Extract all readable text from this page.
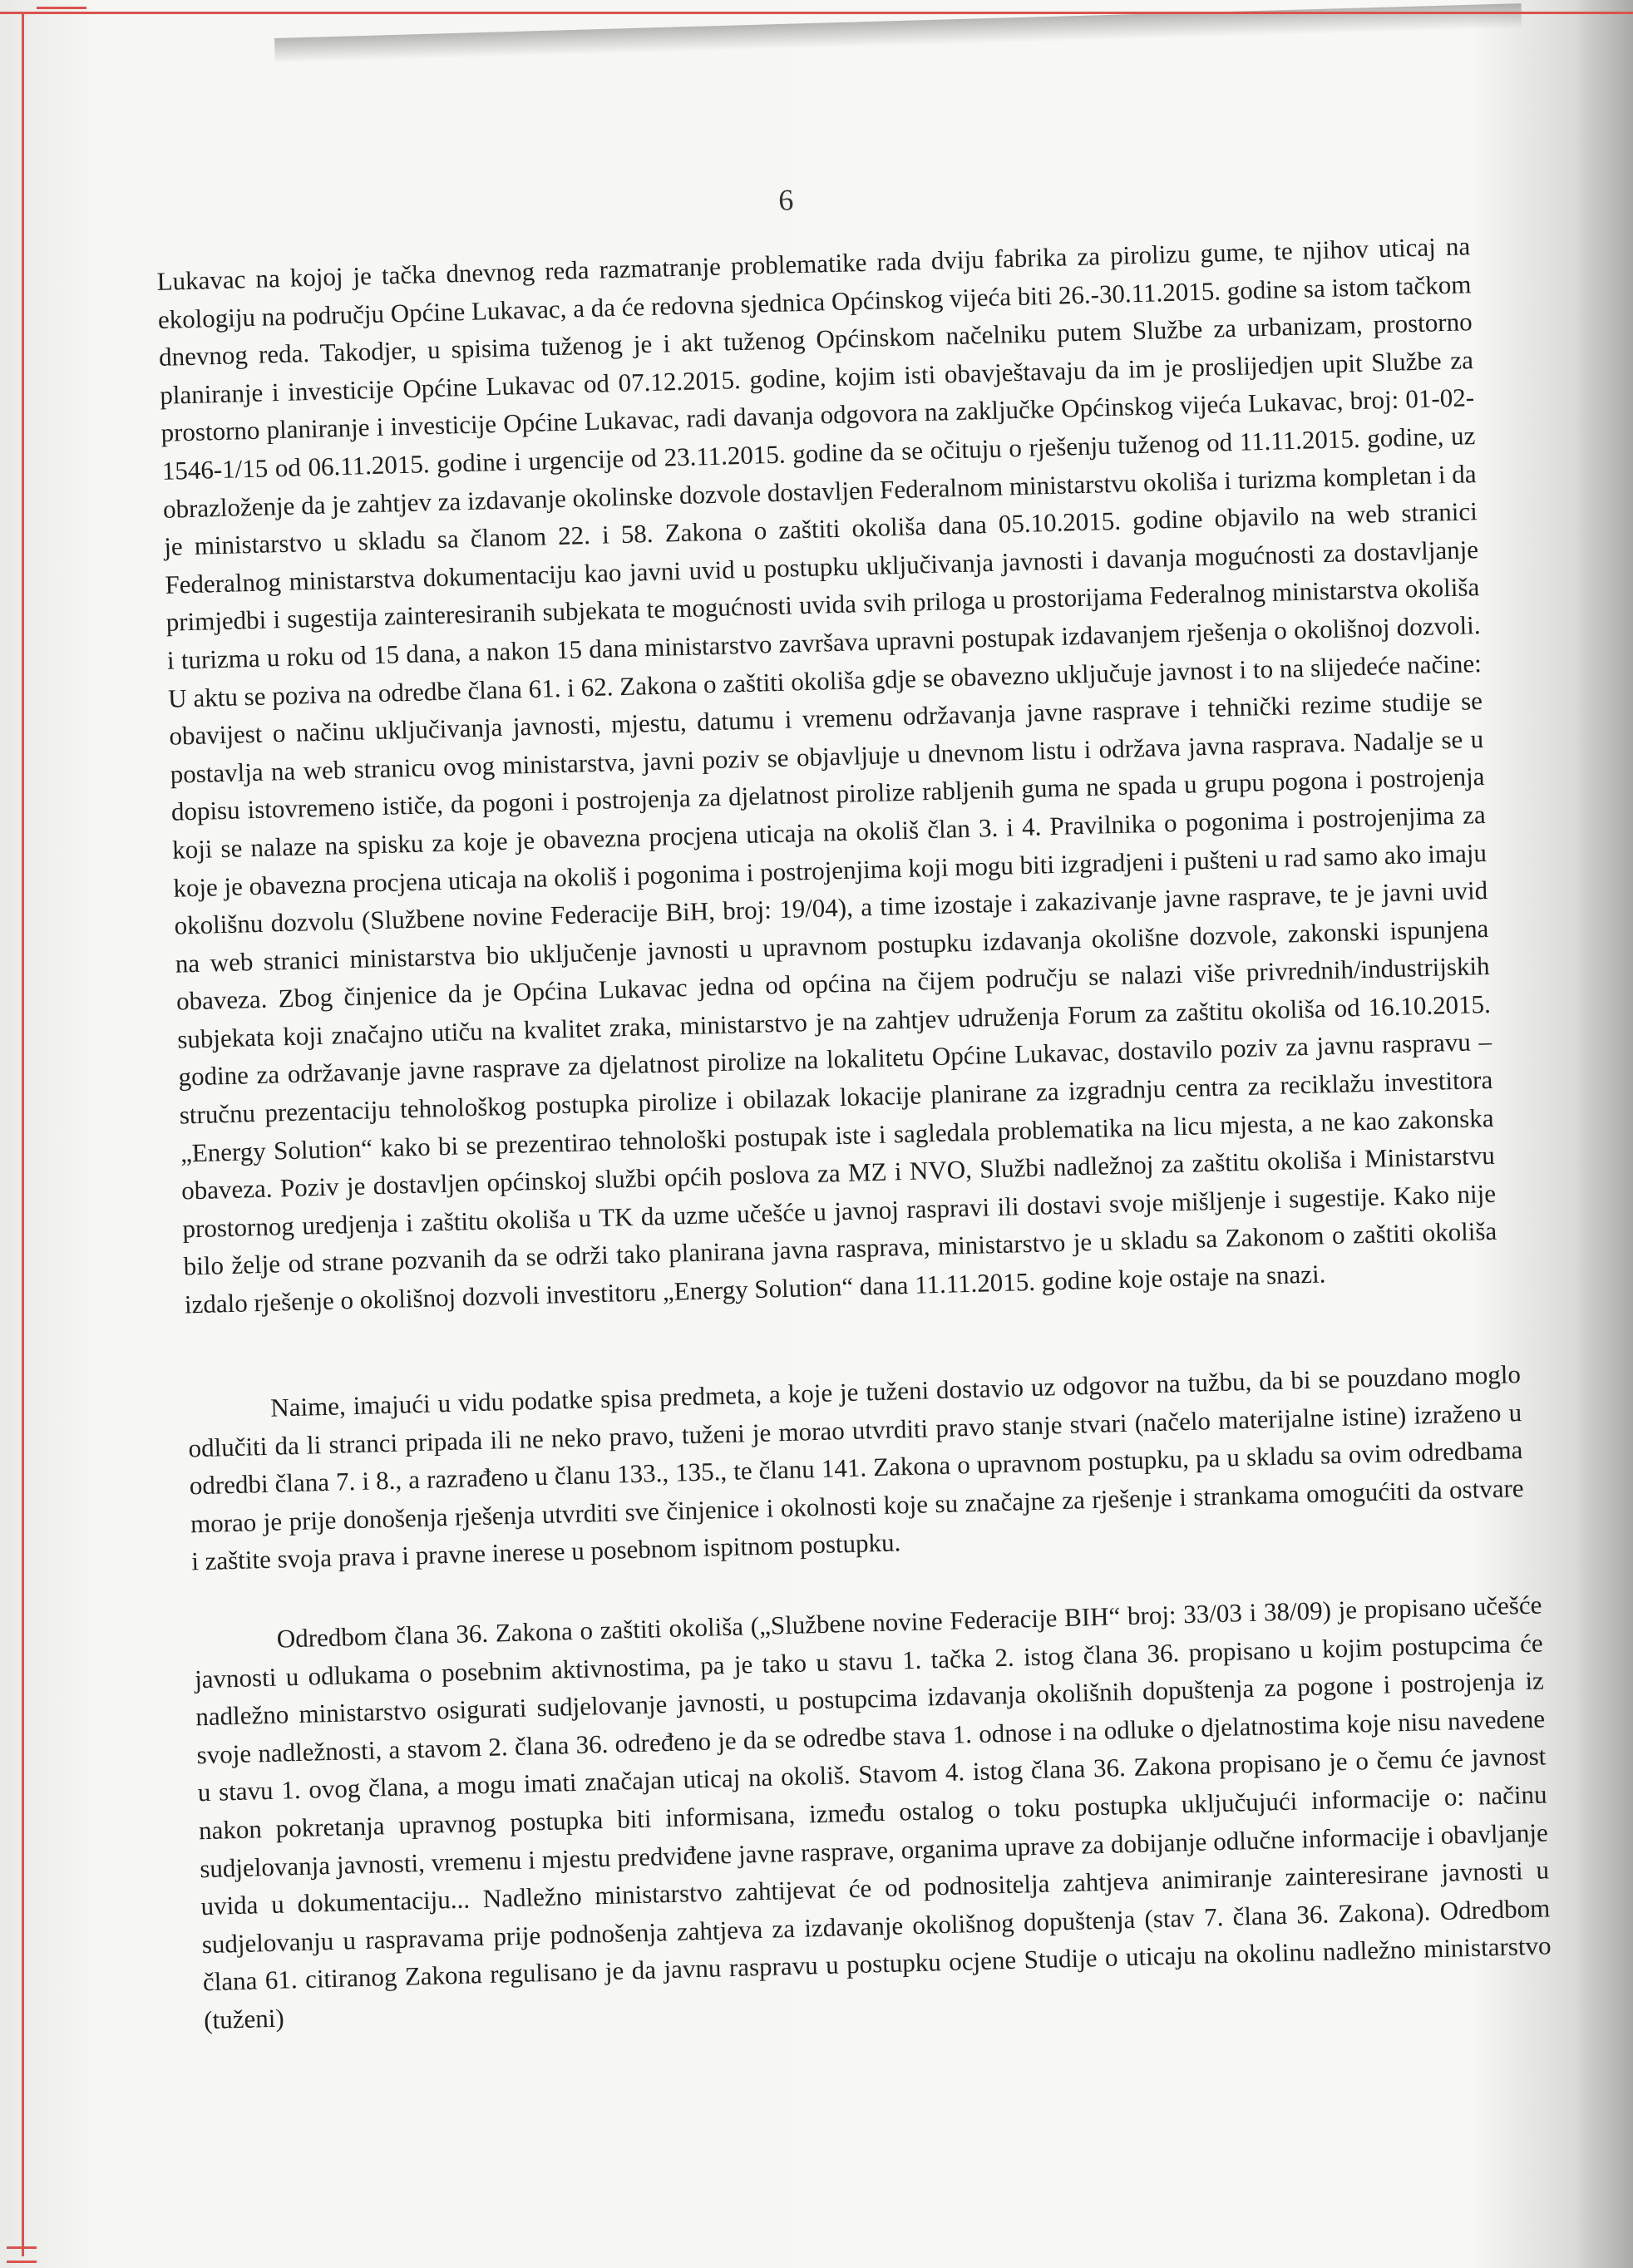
6

Lukavac na kojoj je tačka dnevnog reda razmatranje problematike rada dviju fabrika za pirolizu gume, te njihov uticaj na ekologiju na području Općine Lukavac, a da će redovna sjednica Općinskog vijeća biti 26.-30.11.2015. godine sa istom tačkom dnevnog reda. Takodjer, u spisima tuženog je i akt tuženog Općinskom načelniku putem Službe za urbanizam, prostorno planiranje i investicije Općine Lukavac od 07.12.2015. godine, kojim isti obavještavaju da im je proslijedjen upit Službe za prostorno planiranje i investicije Općine Lukavac, radi davanja odgovora na zaključke Općinskog vijeća Lukavac, broj: 01-02-1546-1/15 od 06.11.2015. godine i urgencije od 23.11.2015. godine da se očituju o rješenju tuženog od 11.11.2015. godine, uz obrazloženje da je zahtjev za izdavanje okolinske dozvole dostavljen Federalnom ministarstvu okoliša i turizma kompletan i da je ministarstvo u skladu sa članom 22. i 58. Zakona o zaštiti okoliša dana 05.10.2015. godine objavilo na web stranici Federalnog ministarstva dokumentaciju kao javni uvid u postupku uključivanja javnosti i davanja mogućnosti za dostavljanje primjedbi i sugestija zainteresiranih subjekata te mogućnosti uvida svih priloga u prostorijama Federalnog ministarstva okoliša i turizma u roku od 15 dana, a nakon 15 dana ministarstvo završava upravni postupak izdavanjem rješenja o okolišnoj dozvoli. U aktu se poziva na odredbe člana 61. i 62. Zakona o zaštiti okoliša gdje se obavezno uključuje javnost i to na slijedeće načine: obavijest o načinu uključivanja javnosti, mjestu, datumu i vremenu održavanja javne rasprave i tehnički rezime studije se postavlja na web stranicu ovog ministarstva, javni poziv se objavljuje u dnevnom listu i održava javna rasprava. Nadalje se u dopisu istovremeno ističe, da pogoni i postrojenja za djelatnost pirolize rabljenih guma ne spada u grupu pogona i postrojenja koji se nalaze na spisku za koje je obavezna procjena uticaja na okoliš član 3. i 4. Pravilnika o pogonima i postrojenjima za koje je obavezna procjena uticaja na okoliš i pogonima i postrojenjima koji mogu biti izgradjeni i pušteni u rad samo ako imaju okolišnu dozvolu (Službene novine Federacije BiH, broj: 19/04), a time izostaje i zakazivanje javne rasprave, te je javni uvid na web stranici ministarstva bio uključenje javnosti u upravnom postupku izdavanja okolišne dozvole, zakonski ispunjena obaveza. Zbog činjenice da je Općina Lukavac jedna od općina na čijem području se nalazi više privrednih/industrijskih subjekata koji značajno utiču na kvalitet zraka, ministarstvo je na zahtjev udruženja Forum za zaštitu okoliša od 16.10.2015. godine za održavanje javne rasprave za djelatnost pirolize na lokalitetu Općine Lukavac, dostavilo poziv za javnu raspravu – stručnu prezentaciju tehnološkog postupka pirolize i obilazak lokacije planirane za izgradnju centra za reciklažu investitora „Energy Solution“ kako bi se prezentirao tehnološki postupak iste i sagledala problematika na licu mjesta, a ne kao zakonska obaveza. Poziv je dostavljen općinskoj službi općih poslova za MZ i NVO, Službi nadležnoj za zaštitu okoliša i Ministarstvu prostornog uredjenja i zaštitu okoliša u TK da uzme učešće u javnoj raspravi ili dostavi svoje mišljenje i sugestije. Kako nije bilo želje od strane pozvanih da se održi tako planirana javna rasprava, ministarstvo je u skladu sa Zakonom o zaštiti okoliša izdalo rješenje o okolišnoj dozvoli investitoru „Energy Solution“ dana 11.11.2015. godine koje ostaje na snazi.

Naime, imajući u vidu podatke spisa predmeta, a koje je tuženi dostavio uz odgovor na tužbu, da bi se pouzdano moglo odlučiti da li stranci pripada ili ne neko pravo, tuženi je morao utvrditi pravo stanje stvari (načelo materijalne istine) izraženo u odredbi člana 7. i 8., a razrađeno u članu 133., 135., te članu 141. Zakona o upravnom postupku, pa u skladu sa ovim odredbama morao je prije donošenja rješenja utvrditi sve činjenice i okolnosti koje su značajne za rješenje i strankama omogućiti da ostvare i zaštite svoja prava i pravne inerese u posebnom ispitnom postupku.

Odredbom člana 36. Zakona o zaštiti okoliša („Službene novine Federacije BIH“ broj: 33/03 i 38/09) je propisano učešće javnosti u odlukama o posebnim aktivnostima, pa je tako u stavu 1. tačka 2. istog člana 36. propisano u kojim postupcima će nadležno ministarstvo osigurati sudjelovanje javnosti, u postupcima izdavanja okolišnih dopuštenja za pogone i postrojenja iz svoje nadležnosti, a stavom 2. člana 36. određeno je da se odredbe stava 1. odnose i na odluke o djelatnostima koje nisu navedene u stavu 1. ovog člana, a mogu imati značajan uticaj na okoliš. Stavom 4. istog člana 36. Zakona propisano je o čemu će javnost nakon pokretanja upravnog postupka biti informisana, između ostalog o toku postupka uključujući informacije o: načinu sudjelovanja javnosti, vremenu i mjestu predviđene javne rasprave, organima uprave za dobijanje odlučne informacije i obavljanje uvida u dokumentaciju... Nadležno ministarstvo zahtijevat će od podnositelja zahtjeva animiranje zainteresirane javnosti u sudjelovanju u raspravama prije podnošenja zahtjeva za izdavanje okolišnog dopuštenja (stav 7. člana 36. Zakona). Odredbom člana 61. citiranog Zakona regulisano je da javnu raspravu u postupku ocjene Studije o uticaju na okolinu nadležno ministarstvo (tuženi)
